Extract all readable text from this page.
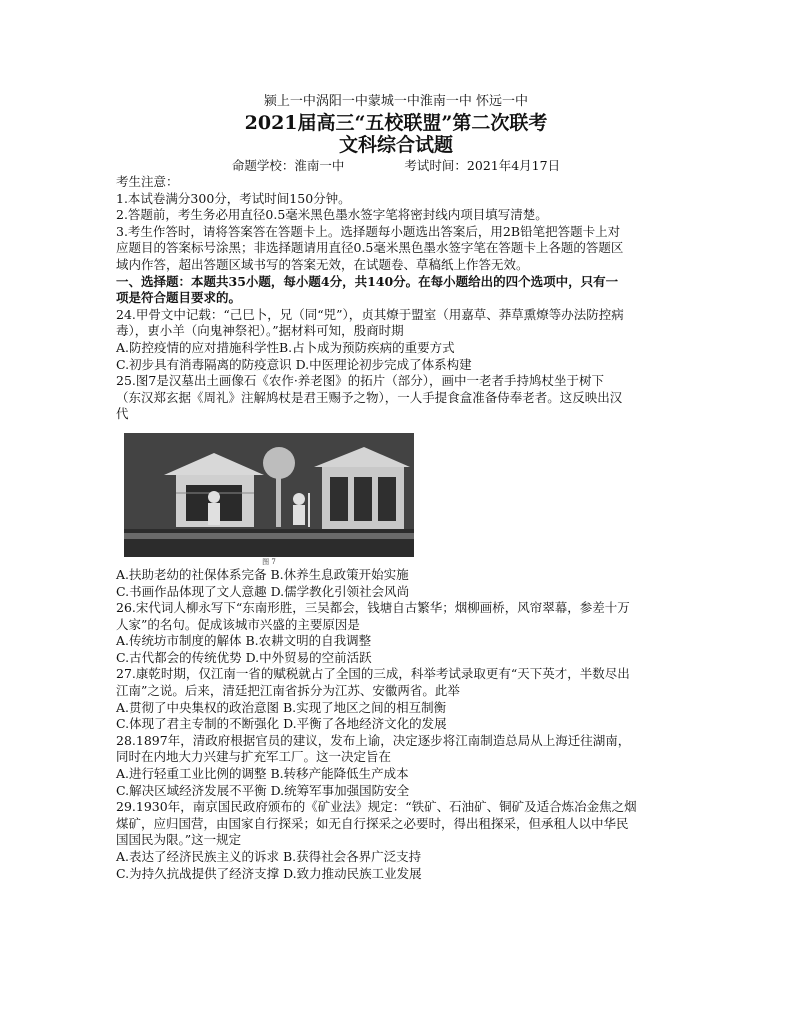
颍上一中涡阳一中蒙城一中淮南一中 怀远一中
2021届高三“五校联盟”第二次联考
文科综合试题
命题学校：淮南一中	考试时间：2021年4月17日
考生注意：
1.本试卷满分300分，考试时间150分钟。
2.答题前，考生务必用直径0.5毫米黑色墨水签字笔将密封线内项目填写清楚。
3.考生作答时，请将答案答在答题卡上。选择题每小题选出答案后，用2B铅笔把答题卡上对
应题目的答案标号涂黑；非选择题请用直径0.5毫米黑色墨水签字笔在答题卡上各题的答题区
域内作答，超出答题区域书写的答案无效，在试题卷、草稿纸上作答无效。
一、选择题：本题共35小题，每小题4分，共140分。在每小题给出的四个选项中，只有一
项是符合题目要求的。
24.甲骨文中记载：“己巳卜，兄（同“兕”），贞其燎于盟室（用嘉草、莽草熏燎等办法防控病
毒），叀小羊（向鬼神祭祀）。”据材料可知，殷商时期
A.防控疫情的应对措施科学性B.占卜成为预防疾病的重要方式
C.初步具有消毒隔离的防疫意识 D.中医理论初步完成了体系构建
25.图7是汉墓出土画像石《农作·养老图》的拓片（部分），画中一老者手持鸠杖坐于树下
（东汉郑玄据《周礼》注解鸠杖是君王赐予之物），一人手提食盒准备侍奉老者。这反映出汉
代
图 7
A.扶助老幼的社保体系完备 B.休养生息政策开始实施
C.书画作品体现了文人意趣 D.儒学教化引领社会风尚
26.宋代词人柳永写下“东南形胜，三吴都会，钱塘自古繁华；烟柳画桥，风帘翠幕，参差十万
人家”的名句。促成该城市兴盛的主要原因是
A.传统坊市制度的解体 B.农耕文明的自我调整
C.古代都会的传统优势 D.中外贸易的空前活跃
27.康乾时期，仅江南一省的赋税就占了全国的三成，科举考试录取更有“天下英才，半数尽出
江南”之说。后来，清廷把江南省拆分为江苏、安徽两省。此举
A.贯彻了中央集权的政治意图 B.实现了地区之间的相互制衡
C.体现了君主专制的不断强化 D.平衡了各地经济文化的发展
28.1897年，清政府根据官员的建议，发布上谕，决定逐步将江南制造总局从上海迁往湖南，
同时在内地大力兴建与扩充军工厂。这一决定旨在
A.进行轻重工业比例的调整 B.转移产能降低生产成本
C.解决区域经济发展不平衡 D.统筹军事加强国防安全
29.1930年，南京国民政府颁布的《矿业法》规定：“铁矿、石油矿、铜矿及适合炼冶金焦之烟
煤矿，应归国营，由国家自行探采；如无自行探采之必要时，得出租探采，但承租人以中华民
国国民为限。”这一规定
A.表达了经济民族主义的诉求 B.获得社会各界广泛支持
C.为持久抗战提供了经济支撑 D.致力推动民族工业发展
